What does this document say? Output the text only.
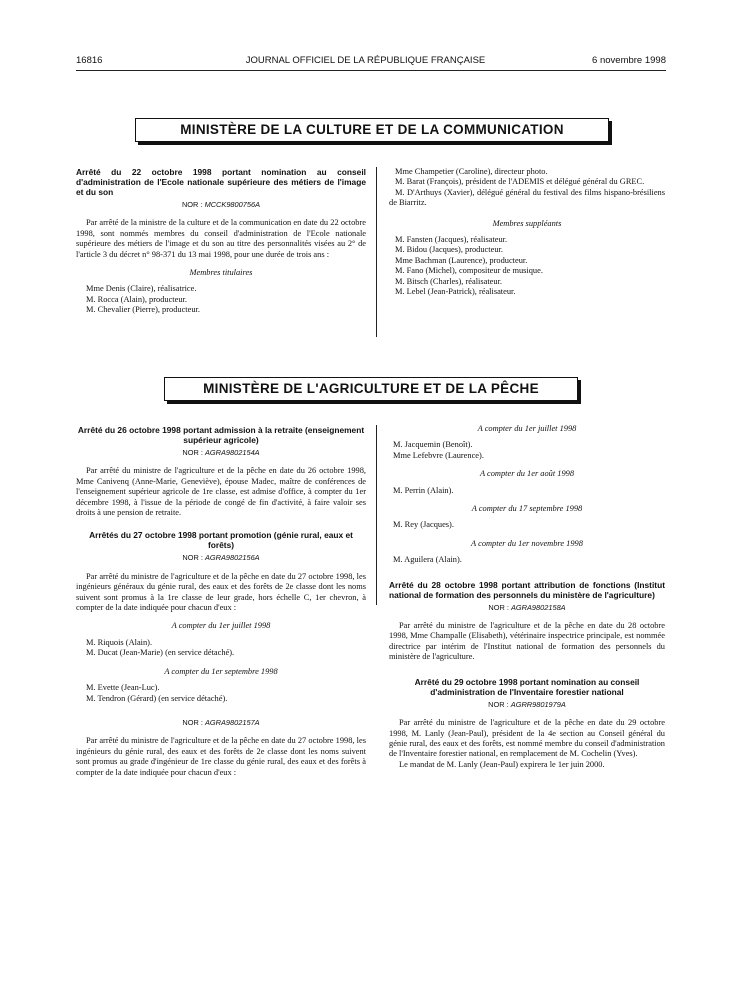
16816	JOURNAL OFFICIEL DE LA RÉPUBLIQUE FRANÇAISE	6 novembre 1998
MINISTÈRE DE LA CULTURE ET DE LA COMMUNICATION
Arrêté du 22 octobre 1998 portant nomination au conseil d'administration de l'Ecole nationale supérieure des métiers de l'image et du son
NOR : MCCK9800756A

Par arrêté de la ministre de la culture et de la communication en date du 22 octobre 1998, sont nommés membres du conseil d'administration de l'Ecole nationale supérieure des métiers de l'image et du son au titre des personnalités visées au 2° de l'article 3 du décret n° 98-371 du 13 mai 1998, pour une durée de trois ans :

Membres titulaires

Mme Denis (Claire), réalisatrice.

M. Rocca (Alain), producteur.

M. Chevalier (Pierre), producteur.

Mme Champetier (Caroline), directeur photo.

M. Barat (François), président de l'ADEMIS et délégué général du GREC.

M. D'Arthuys (Xavier), délégué général du festival des films hispano-brésiliens de Biarritz.

Membres suppléants

M. Fansten (Jacques), réalisateur.

M. Bidou (Jacques), producteur.

Mme Bachman (Laurence), producteur.

M. Fano (Michel), compositeur de musique.

M. Bitsch (Charles), réalisateur.

M. Lebel (Jean-Patrick), réalisateur.

MINISTÈRE DE L'AGRICULTURE ET DE LA PÊCHE
Arrêté du 26 octobre 1998 portant admission à la retraite (enseignement supérieur agricole)
NOR : AGRA9802154A

Par arrêté du ministre de l'agriculture et de la pêche en date du 26 octobre 1998, Mme Canivenq (Anne-Marie, Geneviève), épouse Madec, maître de conférences de l'enseignement supérieur agricole de 1re classe, est admise d'office, à compter du 1er décembre 1998, à l'issue de la période de congé de fin d'activité, à faire valoir ses droits à une pension de retraite.

Arrêtés du 27 octobre 1998 portant promotion (génie rural, eaux et forêts)
NOR : AGRA9802156A

Par arrêté du ministre de l'agriculture et de la pêche en date du 27 octobre 1998, les ingénieurs généraux du génie rural, des eaux et des forêts de 2e classe dont les noms suivent sont promus à la 1re classe de leur grade, hors échelle C, 1er chevron, à compter de la date indiquée pour chacun d'eux :

A compter du 1er juillet 1998

M. Riquois (Alain).

M. Ducat (Jean-Marie) (en service détaché).

A compter du 1er septembre 1998

M. Evette (Jean-Luc).

M. Tendron (Gérard) (en service détaché).

NOR : AGRA9802157A

Par arrêté du ministre de l'agriculture et de la pêche en date du 27 octobre 1998, les ingénieurs du génie rural, des eaux et des forêts de 2e classe dont les noms suivent sont promus au grade d'ingénieur de 1re classe du génie rural, des eaux et des forêts à compter de la date indiquée pour chacun d'eux :

A compter du 1er juillet 1998

M. Jacquemin (Benoît).

Mme Lefebvre (Laurence).

A compter du 1er août 1998

M. Perrin (Alain).

A compter du 17 septembre 1998

M. Rey (Jacques).

A compter du 1er novembre 1998

M. Aguilera (Alain).

Arrêté du 28 octobre 1998 portant attribution de fonctions (Institut national de formation des personnels du ministère de l'agriculture)
NOR : AGRA9802158A

Par arrêté du ministre de l'agriculture et de la pêche en date du 28 octobre 1998, Mme Champalle (Elisabeth), vétérinaire inspectrice principale, est nommée directrice par intérim de l'Institut national de formation des personnels du ministère de l'agriculture.

Arrêté du 29 octobre 1998 portant nomination au conseil d'administration de l'Inventaire forestier national
NOR : AGRR9801979A

Par arrêté du ministre de l'agriculture et de la pêche en date du 29 octobre 1998, M. Lanly (Jean-Paul), président de la 4e section au Conseil général du génie rural, des eaux et des forêts, est nommé membre du conseil d'administration de l'Inventaire forestier national, en remplacement de M. Cochelin (Yves).

Le mandat de M. Lanly (Jean-Paul) expirera le 1er juin 2000.
